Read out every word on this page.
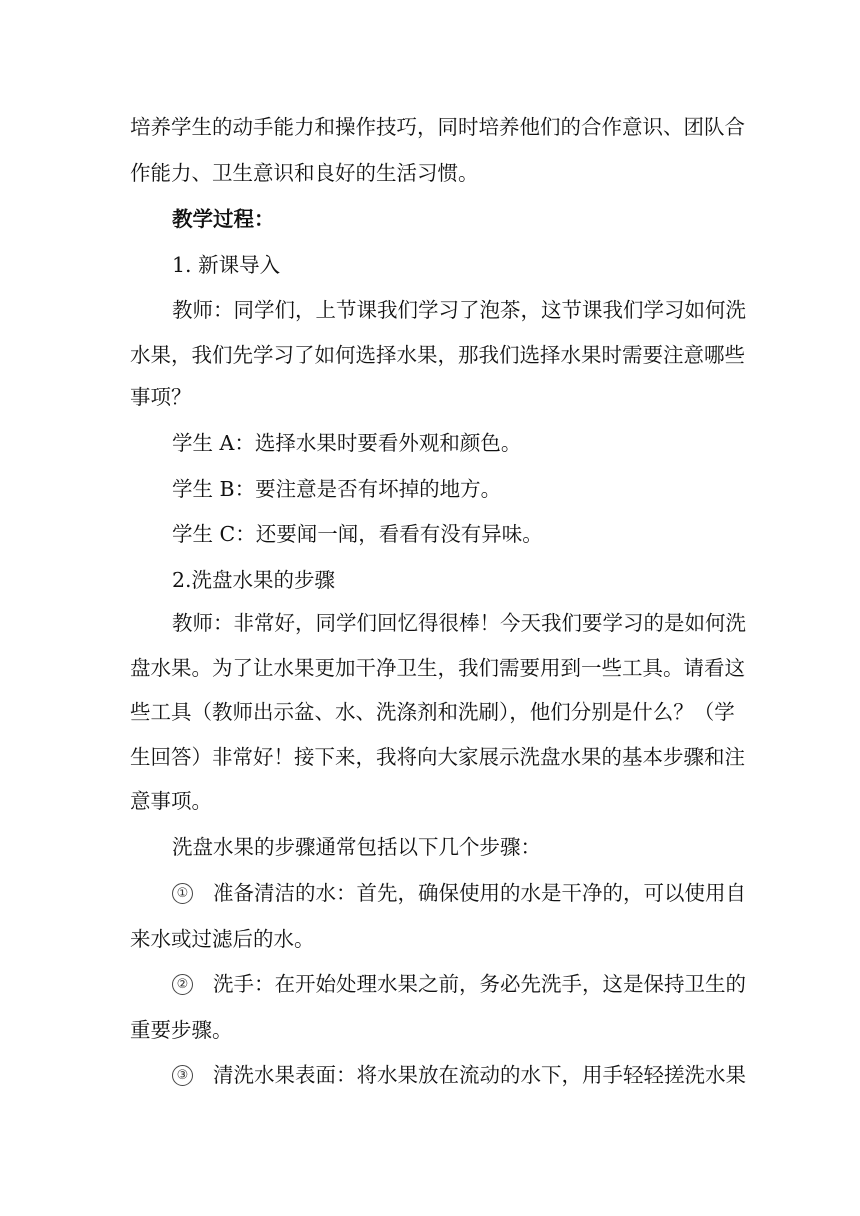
培养学生的动手能力和操作技巧，同时培养他们的合作意识、团队合
作能力、卫生意识和良好的生活习惯。
教学过程：
1. 新课导入
教师：同学们，上节课我们学习了泡茶，这节课我们学习如何洗
水果，我们先学习了如何选择水果，那我们选择水果时需要注意哪些
事项？
学生 A：选择水果时要看外观和颜色。
学生 B：要注意是否有坏掉的地方。
学生 C：还要闻一闻，看看有没有异味。
2.洗盘水果的步骤
教师：非常好，同学们回忆得很棒！今天我们要学习的是如何洗
盘水果。为了让水果更加干净卫生，我们需要用到一些工具。请看这
些工具（教师出示盆、水、洗涤剂和洗刷），他们分别是什么？（学
生回答）非常好！接下来，我将向大家展示洗盘水果的基本步骤和注
意事项。
洗盘水果的步骤通常包括以下几个步骤：
① 准备清洁的水：首先，确保使用的水是干净的，可以使用自
来水或过滤后的水。
② 洗手：在开始处理水果之前，务必先洗手，这是保持卫生的
重要步骤。
③ 清洗水果表面：将水果放在流动的水下，用手轻轻搓洗水果
